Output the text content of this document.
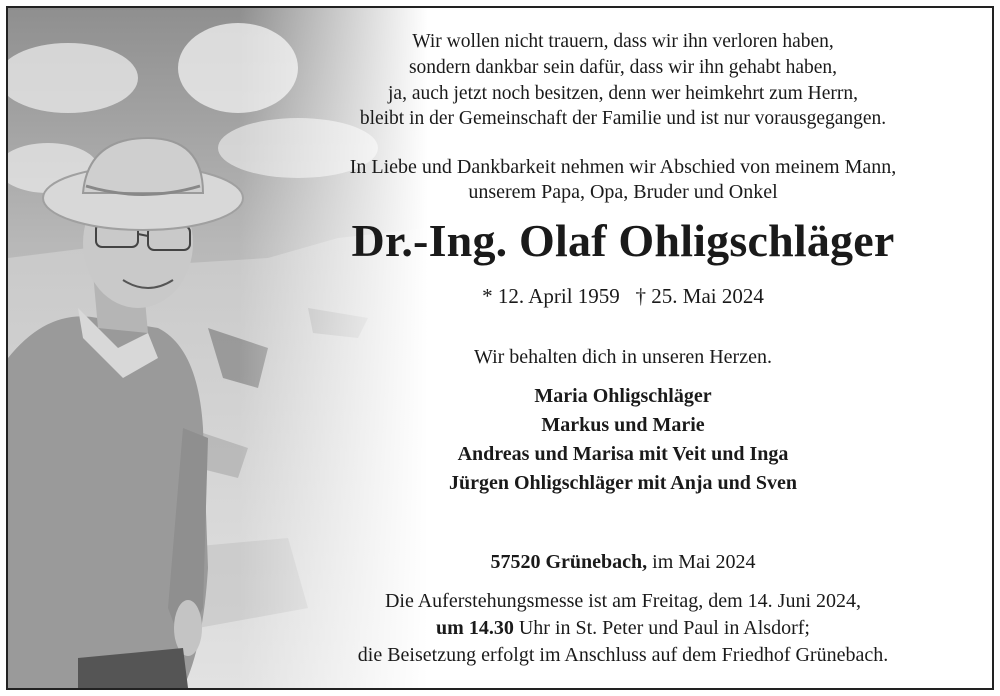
Wir wollen nicht trauern, dass wir ihn verloren haben,
sondern dankbar sein dafür, dass wir ihn gehabt haben,
ja, auch jetzt noch besitzen, denn wer heimkehrt zum Herrn,
bleibt in der Gemeinschaft der Familie und ist nur vorausgegangen.
In Liebe und Dankbarkeit nehmen wir Abschied von meinem Mann,
unserem Papa, Opa, Bruder und Onkel
Dr.-Ing. Olaf Ohligschläger
* 12. April 1959 † 25. Mai 2024
Wir behalten dich in unseren Herzen.
Maria Ohligschläger
Markus und Marie
Andreas und Marisa mit Veit und Inga
Jürgen Ohligschläger mit Anja und Sven
57520 Grünebach, im Mai 2024
Die Auferstehungsmesse ist am Freitag, dem 14. Juni 2024,
um 14.30 Uhr in St. Peter und Paul in Alsdorf;
die Beisetzung erfolgt im Anschluss auf dem Friedhof Grünebach.
